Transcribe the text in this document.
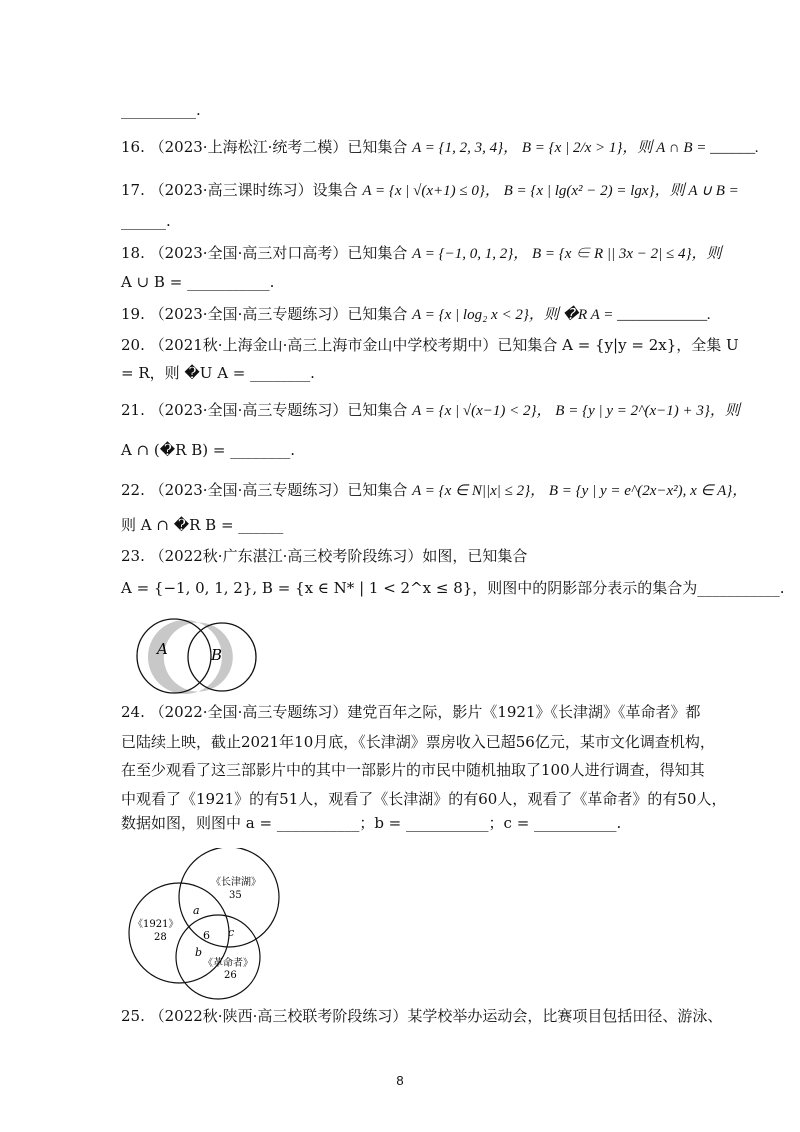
__________.
16. （2023·上海松江·统考二模）已知集合 A = {1, 2, 3, 4}， B = {x | 2/x > 1}，则 A ∩ B = ______.
17. （2023·高三课时练习）设集合 A = {x | √(x+1) ≤ 0}， B = {x | lg(x² − 2) = lgx}，则 A ∪ B =
______.
18. （2023·全国·高三对口高考）已知集合 A = {−1, 0, 1, 2}， B = {x ∈ R || 3x − 2| ≤ 4}，则
A ∪ B = ___________.
19. （2023·全国·高三专题练习）已知集合 A = {x | log₂ x < 2}，则 �R A = ____________.
20. （2021秋·上海金山·高三上海市金山中学校考期中）已知集合 A = {y|y = 2x}，全集 U
= R，则 �U A = ________.
21. （2023·全国·高三专题练习）已知集合 A = {x | √(x−1) < 2}， B = {y | y = 2^(x−1) + 3}，则
A ∩ (�R B) = ________.
22. （2023·全国·高三专题练习）已知集合 A = {x ∈ N||x| ≤ 2}， B = {y | y = e^(2x−x²), x ∈ A}，
则 A ∩ �R B = ______
23. （2022秋·广东湛江·高三校考阶段练习）如图，已知集合
A = {−1, 0, 1, 2}, B = {x ∈ N* | 1 < 2^x ≤ 8}，则图中的阴影部分表示的集合为___________.
A	B
24. （2022·全国·高三专题练习）建党百年之际，影片《1921》《长津湖》《革命者》都
已陆续上映，截止2021年10月底，《长津湖》票房收入已超56亿元，某市文化调查机构，
在至少观看了这三部影片中的其中一部影片的市民中随机抽取了100人进行调查，得知其
中观看了《1921》的有51人，观看了《长津湖》的有60人，观看了《革命者》的有50人，
数据如图，则图中 a = ___________；b = ___________；c = ___________.
《长津湖》
35
《1921》
28
《革命者》
26
a
c
b
6
25. （2022秋·陕西·高三校联考阶段练习）某学校举办运动会，比赛项目包括田径、游泳、
8
